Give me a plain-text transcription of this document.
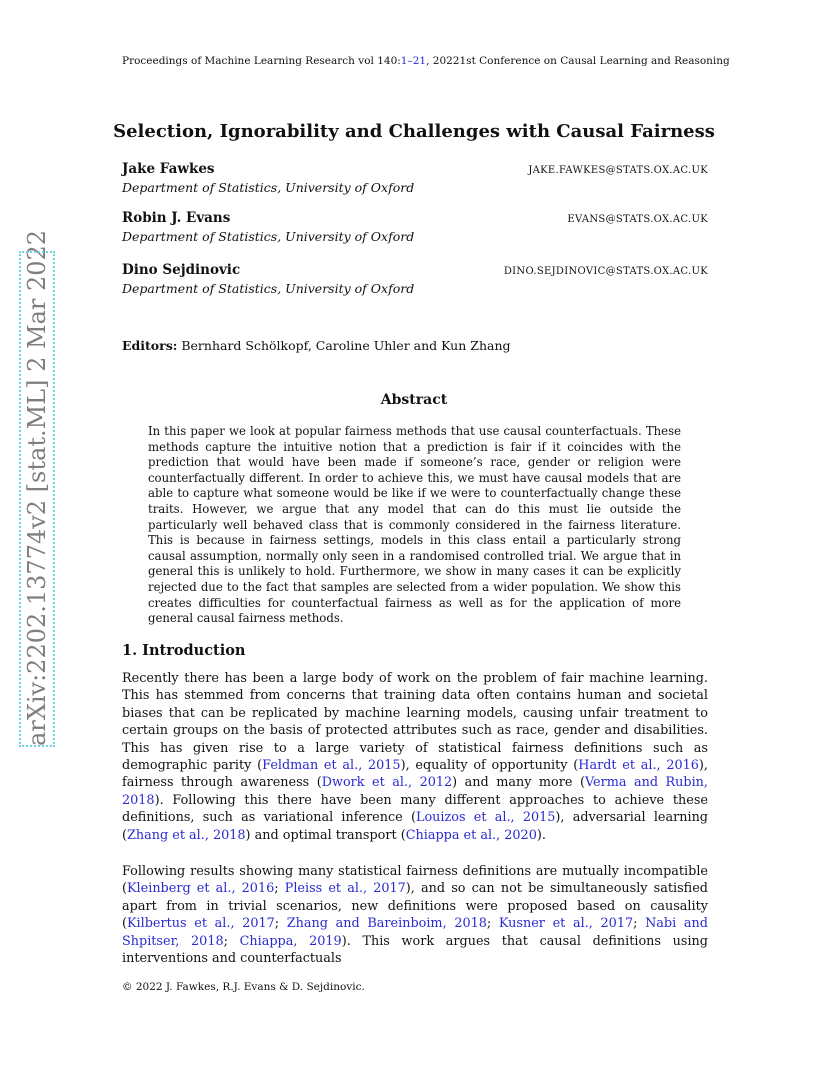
Proceedings of Machine Learning Research vol 140:1–21, 2022 1st Conference on Causal Learning and Reasoning
arXiv:2202.13774v2 [stat.ML] 2 Mar 2022
Selection, Ignorability and Challenges with Causal Fairness
Jake Fawkes	JAKE.FAWKES@STATS.OX.AC.UK
Department of Statistics, University of Oxford
Robin J. Evans	EVANS@STATS.OX.AC.UK
Department of Statistics, University of Oxford
Dino Sejdinovic	DINO.SEJDINOVIC@STATS.OX.AC.UK
Department of Statistics, University of Oxford
Editors: Bernhard Schölkopf, Caroline Uhler and Kun Zhang
Abstract
In this paper we look at popular fairness methods that use causal counterfactuals. These methods capture the intuitive notion that a prediction is fair if it coincides with the prediction that would have been made if someone’s race, gender or religion were counterfactually different. In order to achieve this, we must have causal models that are able to capture what someone would be like if we were to counterfactually change these traits. However, we argue that any model that can do this must lie outside the particularly well behaved class that is commonly considered in the fairness literature. This is because in fairness settings, models in this class entail a particularly strong causal assumption, normally only seen in a randomised controlled trial. We argue that in general this is unlikely to hold. Furthermore, we show in many cases it can be explicitly rejected due to the fact that samples are selected from a wider population. We show this creates difficulties for counterfactual fairness as well as for the application of more general causal fairness methods.
1. Introduction
Recently there has been a large body of work on the problem of fair machine learning. This has stemmed from concerns that training data often contains human and societal biases that can be replicated by machine learning models, causing unfair treatment to certain groups on the basis of protected attributes such as race, gender and disabilities. This has given rise to a large variety of statistical fairness definitions such as demographic parity (Feldman et al., 2015), equality of opportunity (Hardt et al., 2016), fairness through awareness (Dwork et al., 2012) and many more (Verma and Rubin, 2018). Following this there have been many different approaches to achieve these definitions, such as variational inference (Louizos et al., 2015), adversarial learning (Zhang et al., 2018) and optimal transport (Chiappa et al., 2020).
Following results showing many statistical fairness definitions are mutually incompatible (Kleinberg et al., 2016; Pleiss et al., 2017), and so can not be simultaneously satisfied apart from in trivial scenarios, new definitions were proposed based on causality (Kilbertus et al., 2017; Zhang and Bareinboim, 2018; Kusner et al., 2017; Nabi and Shpitser, 2018; Chiappa, 2019). This work argues that causal definitions using interventions and counterfactuals
© 2022 J. Fawkes, R.J. Evans & D. Sejdinovic.
